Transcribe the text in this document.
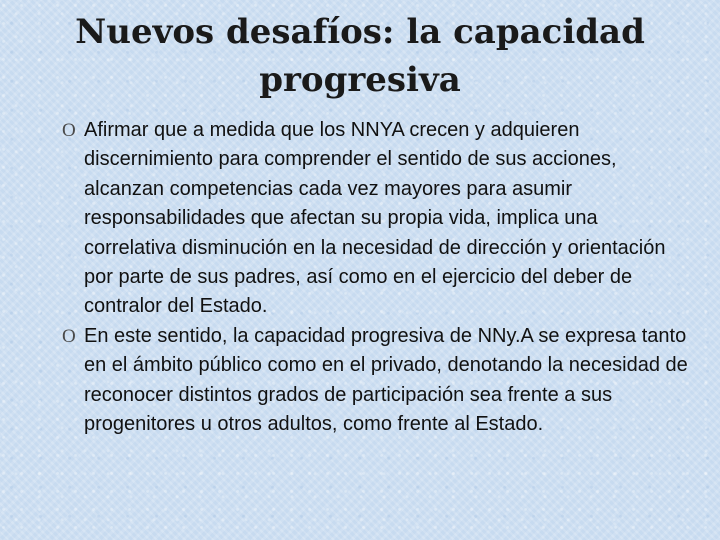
Nuevos desafíos: la capacidad progresiva
O Afirmar que a medida que los NNYA crecen y adquieren discernimiento para comprender el sentido de sus acciones, alcanzan competencias cada vez mayores para asumir responsabilidades que afectan su propia vida, implica una correlativa disminución en la necesidad de dirección y orientación por parte de sus padres, así como en el ejercicio del deber de contralor del Estado.
O En este sentido, la capacidad progresiva de NNy.A se expresa tanto en el ámbito público como en el privado, denotando la necesidad de reconocer distintos grados de participación sea frente a sus progenitores u otros adultos, como frente al Estado.
